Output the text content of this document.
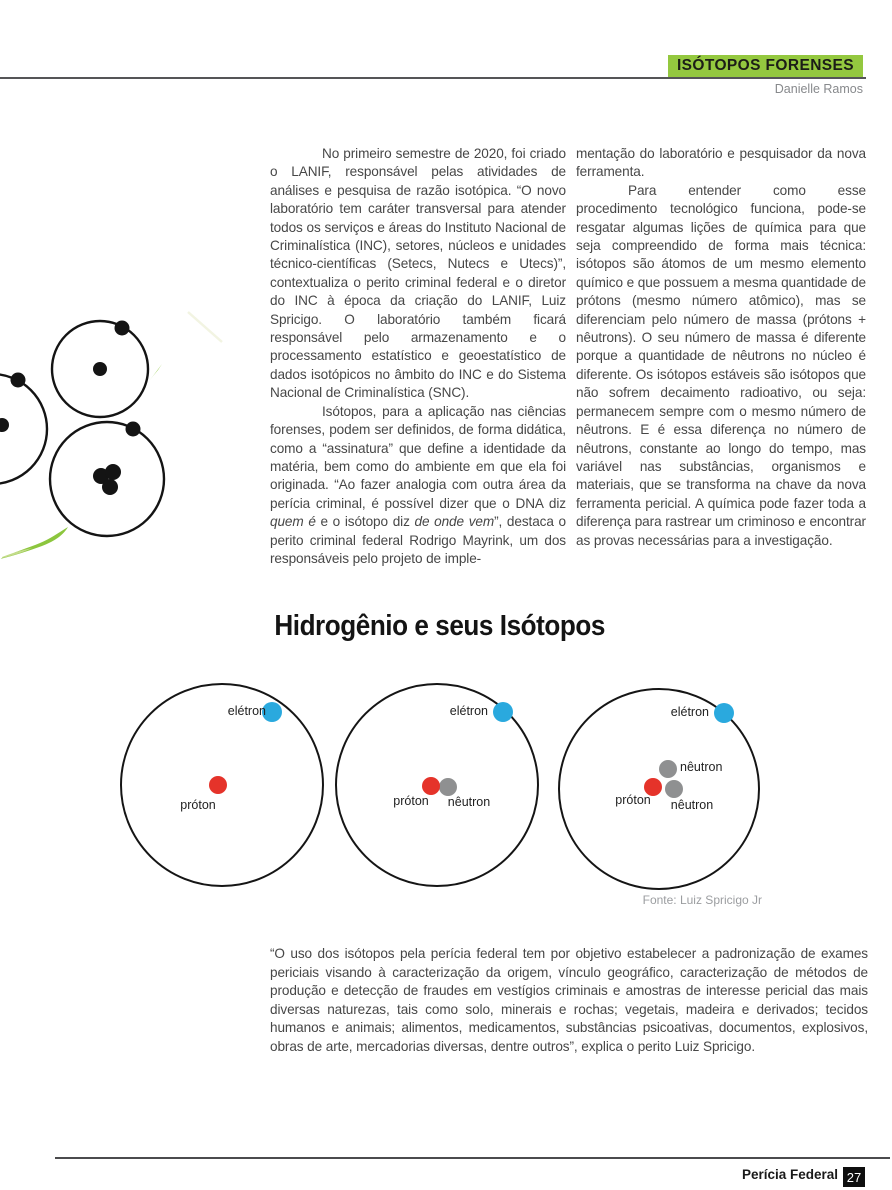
ISÓTOPOS FORENSES
Danielle Ramos

No primeiro semestre de 2020, foi criado o LANIF, responsável pelas atividades de análises e pesquisa de razão isotópica. “O novo laboratório tem caráter transversal para atender todos os serviços e áreas do Instituto Nacional de Criminalística (INC), setores, núcleos e unidades técnico-científicas (Setecs, Nutecs e Utecs)”, contextualiza o perito criminal federal e o diretor do INC à época da criação do LANIF, Luiz Spricigo. O laboratório também ficará responsável pelo armazenamento e o processamento estatístico e geoestatístico de dados isotópicos no âmbito do INC e do Sistema Nacional de Criminalística (SNC).

Isótopos, para a aplicação nas ciências forenses, podem ser definidos, de forma didática, como a “assinatura” que define a identidade da matéria, bem como do ambiente em que ela foi originada. “Ao fazer analogia com outra área da perícia criminal, é possível dizer que o DNA diz quem é e o isótopo diz de onde vem”, destaca o perito criminal federal Rodrigo Mayrink, um dos responsáveis pelo projeto de imple-

mentação do laboratório e pesquisador da nova ferramenta.

Para entender como esse procedimento tecnológico funciona, pode-se resgatar algumas lições de química para que seja compreendido de forma mais técnica: isótopos são átomos de um mesmo elemento químico e que possuem a mesma quantidade de prótons (mesmo número atômico), mas se diferenciam pelo número de massa (prótons + nêutrons). O seu número de massa é diferente porque a quantidade de nêutrons no núcleo é diferente. Os isótopos estáveis são isótopos que não sofrem decaimento radioativo, ou seja: permanecem sempre com o mesmo número de nêutrons. E é essa diferença no número de nêutrons, constante ao longo do tempo, mas variável nas substâncias, organismos e materiais, que se transforma na chave da nova ferramenta pericial. A química pode fazer toda a diferença para rastrear um criminoso e encontrar as provas necessárias para a investigação.

Hidrogênio e seus Isótopos
elétron
próton
elétron
próton nêutron
elétron
nêutron
próton nêutron
Fonte: Luiz Spricigo Jr
“O uso dos isótopos pela perícia federal tem por objetivo estabelecer a padronização de exames periciais visando à caracterização da origem, vínculo geográfico, caracterização de métodos de produção e detecção de fraudes em vestígios criminais e amostras de interesse pericial das mais diversas naturezas, tais como solo, minerais e rochas; vegetais, madeira e derivados; tecidos humanos e animais; alimentos, medicamentos, substâncias psicoativas, documentos, explosivos, obras de arte, mercadorias diversas, dentre outros”, explica o perito Luiz Spricigo.
Perícia Federal 27
